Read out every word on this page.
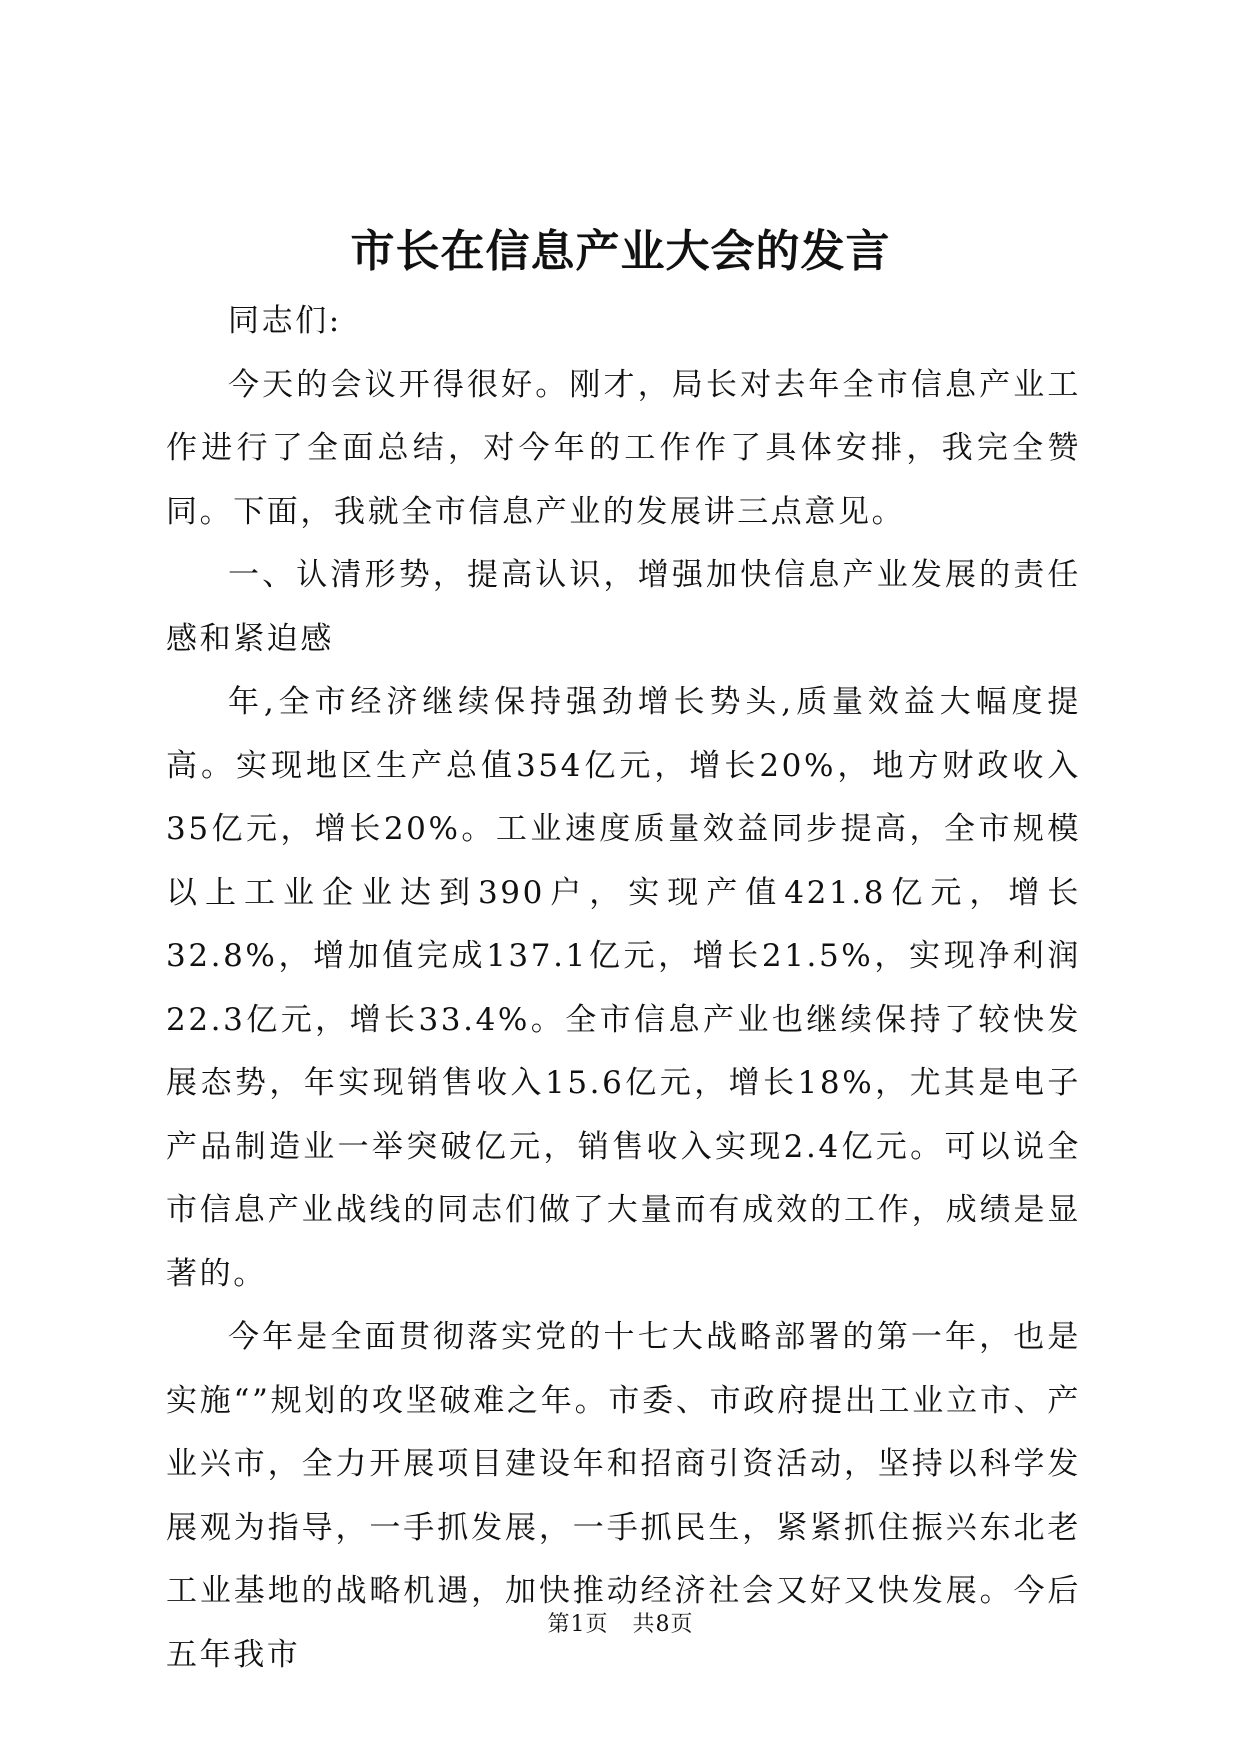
市长在信息产业大会的发言

同志们:

今天的会议开得很好。刚才，局长对去年全市信息产业工作进行了全面总结，对今年的工作作了具体安排，我完全赞同。下面，我就全市信息产业的发展讲三点意见。

一、认清形势，提高认识，增强加快信息产业发展的责任感和紧迫感

年,全市经济继续保持强劲增长势头,质量效益大幅度提高。实现地区生产总值354亿元，增长20%，地方财政收入35亿元，增长20%。工业速度质量效益同步提高，全市规模以上工业企业达到390户，实现产值421.8亿元，增长32.8%，增加值完成137.1亿元，增长21.5%，实现净利润22.3亿元，增长33.4%。全市信息产业也继续保持了较快发展态势，年实现销售收入15.6亿元，增长18%，尤其是电子产品制造业一举突破亿元，销售收入实现2.4亿元。可以说全市信息产业战线的同志们做了大量而有成效的工作，成绩是显著的。

今年是全面贯彻落实党的十七大战略部署的第一年，也是实施“”规划的攻坚破难之年。市委、市政府提出工业立市、产业兴市，全力开展项目建设年和招商引资活动，坚持以科学发展观为指导，一手抓发展，一手抓民生，紧紧抓住振兴东北老工业基地的战略机遇，加快推动经济社会又好又快发展。今后五年我市

第1页 共8页
